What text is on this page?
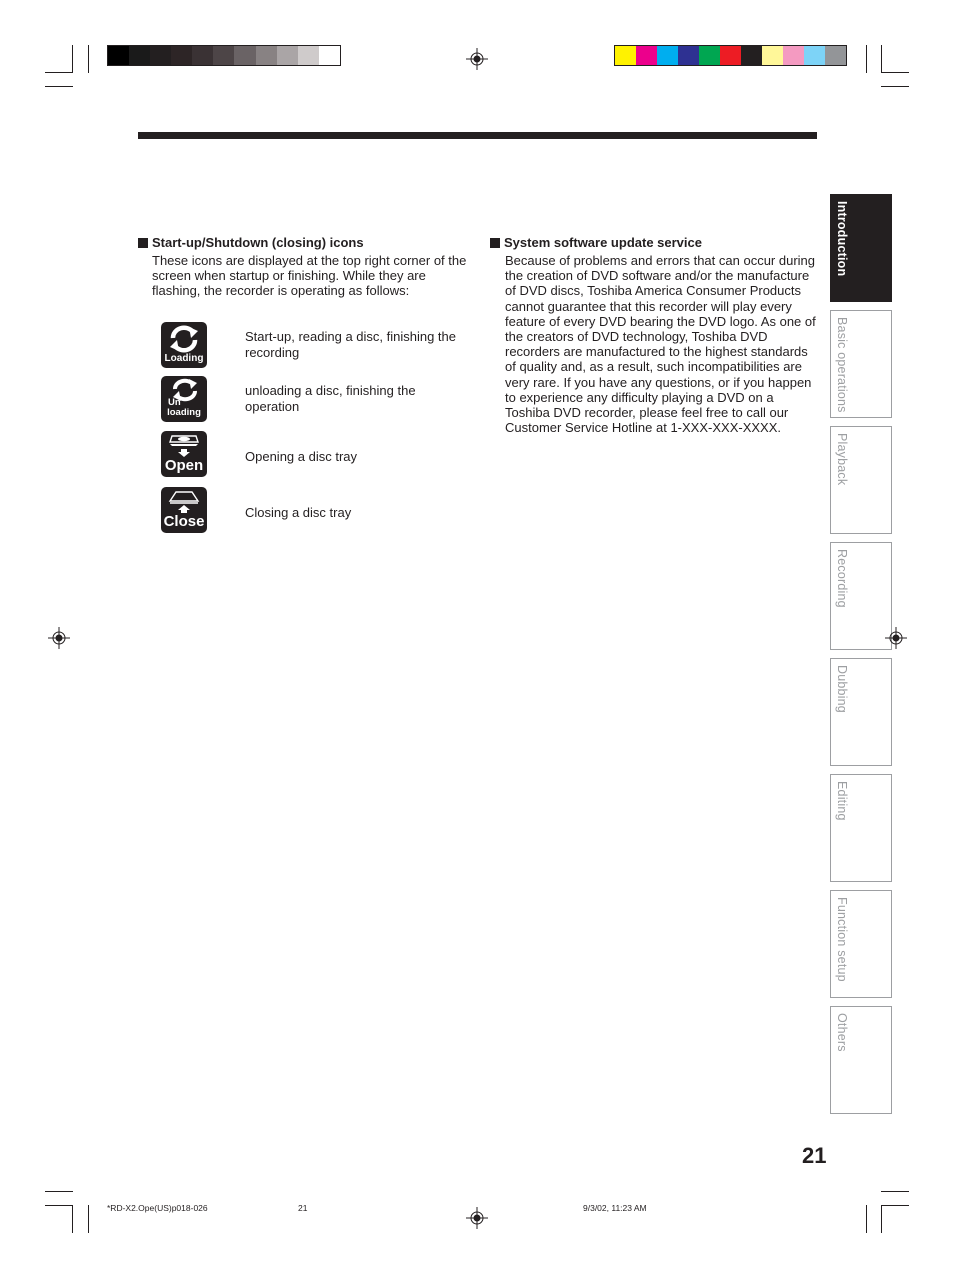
Start-up/Shutdown (closing) icons
These icons are displayed at the top right corner of the
screen when startup or finishing. While they are
flashing, the recorder is operating as follows:
Loading
Start-up, reading a disc, finishing the
recording
Un
loading
unloading a disc, finishing the
operation
Open
Opening a disc tray
Close
Closing a disc tray
System software update service
Because of problems and errors that can occur during
the creation of DVD software and/or the manufacture
of DVD discs, Toshiba America Consumer Products
cannot guarantee that this recorder will play every
feature of every DVD bearing the DVD logo. As one of
the creators of DVD technology, Toshiba DVD
recorders are manufactured to the highest standards
of quality and, as a result, such incompatibilities are
very rare. If you have any questions, or if you happen
to experience any difficulty playing a DVD on a
Toshiba DVD recorder, please feel free to call our
Customer Service Hotline at 1-XXX-XXX-XXXX.
Introduction
Basic operations
Playback
Recording
Dubbing
Editing
Function setup
Others
21
*RD-X2.Ope(US)p018-026	21	9/3/02, 11:23 AM
